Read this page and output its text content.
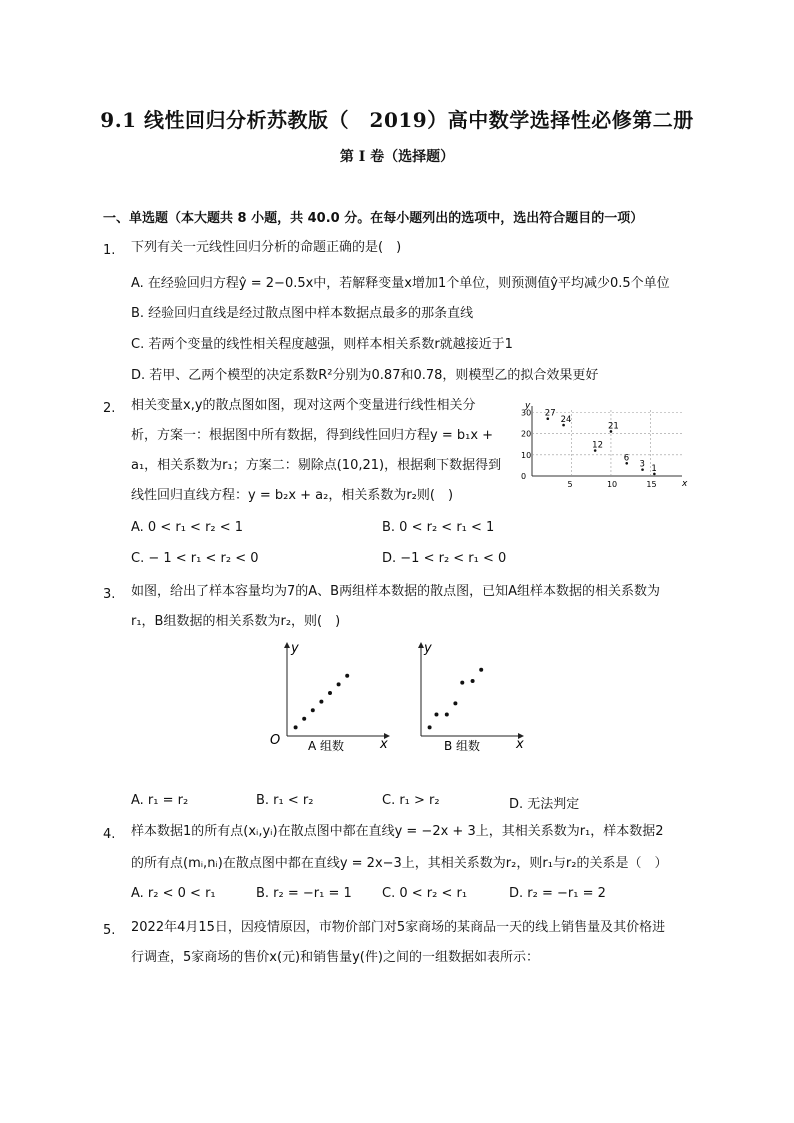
9.1 线性回归分析苏教版（　2019）高中数学选择性必修第二册
第 I 卷（选择题）
一、单选题（本大题共 8 小题，共 40.0 分。在每小题列出的选项中，选出符合题目的一项）
1. 下列有关一元线性回归分析的命题正确的是(　)
A. 在经验回归方程ŷ = 2−0.5x中，若解释变量x增加1个单位，则预测值ŷ平均减少0.5个单位
B. 经验回归直线是经过散点图中样本数据点最多的那条直线
C. 若两个变量的线性相关程度越强，则样本相关系数r就越接近于1
D. 若甲、乙两个模型的决定系数R²分别为0.87和0.78，则模型乙的拟合效果更好
2. 相关变量x,y的散点图如图，现对这两个变量进行线性相关分
析，方案一：根据图中所有数据，得到线性回归方程y = b₁x +
a₁，相关系数为r₁；方案二：剔除点(10,21)，根据剩下数据得到
线性回归直线方程：y = b₂x + a₂，相关系数为r₂则(　)
x
y
0
10
20
30
5	10	15
27
24
12
21
6
3 1
A. 0 < r₁ < r₂ < 1	B. 0 < r₂ < r₁ < 1
C. − 1 < r₁ < r₂ < 0	D. −1 < r₂ < r₁ < 0
3. 如图，给出了样本容量均为7的A、B两组样本数据的散点图，已知A组样本数据的相关系数为
r₁，B组数据的相关系数为r₂，则(　)
O	x
y
A 组数	x
y
B 组数
A. r₁ = r₂	B. r₁ < r₂	C. r₁ > r₂	D. 无法判定
4. 样本数据1的所有点(xᵢ,yᵢ)在散点图中都在直线y = −2x + 3上，其相关系数为r₁，样本数据2
的所有点(mᵢ,nᵢ)在散点图中都在直线y = 2x−3上，其相关系数为r₂，则r₁与r₂的关系是（　）
A. r₂ < 0 < r₁	B. r₂ = −r₁ = 1 C. 0 < r₂ < r₁	D. r₂ = −r₁ = 2
5. 2022年4月15日，因疫情原因，市物价部门对5家商场的某商品一天的线上销售量及其价格进
行调查，5家商场的售价x(元)和销售量y(件)之间的一组数据如表所示：
